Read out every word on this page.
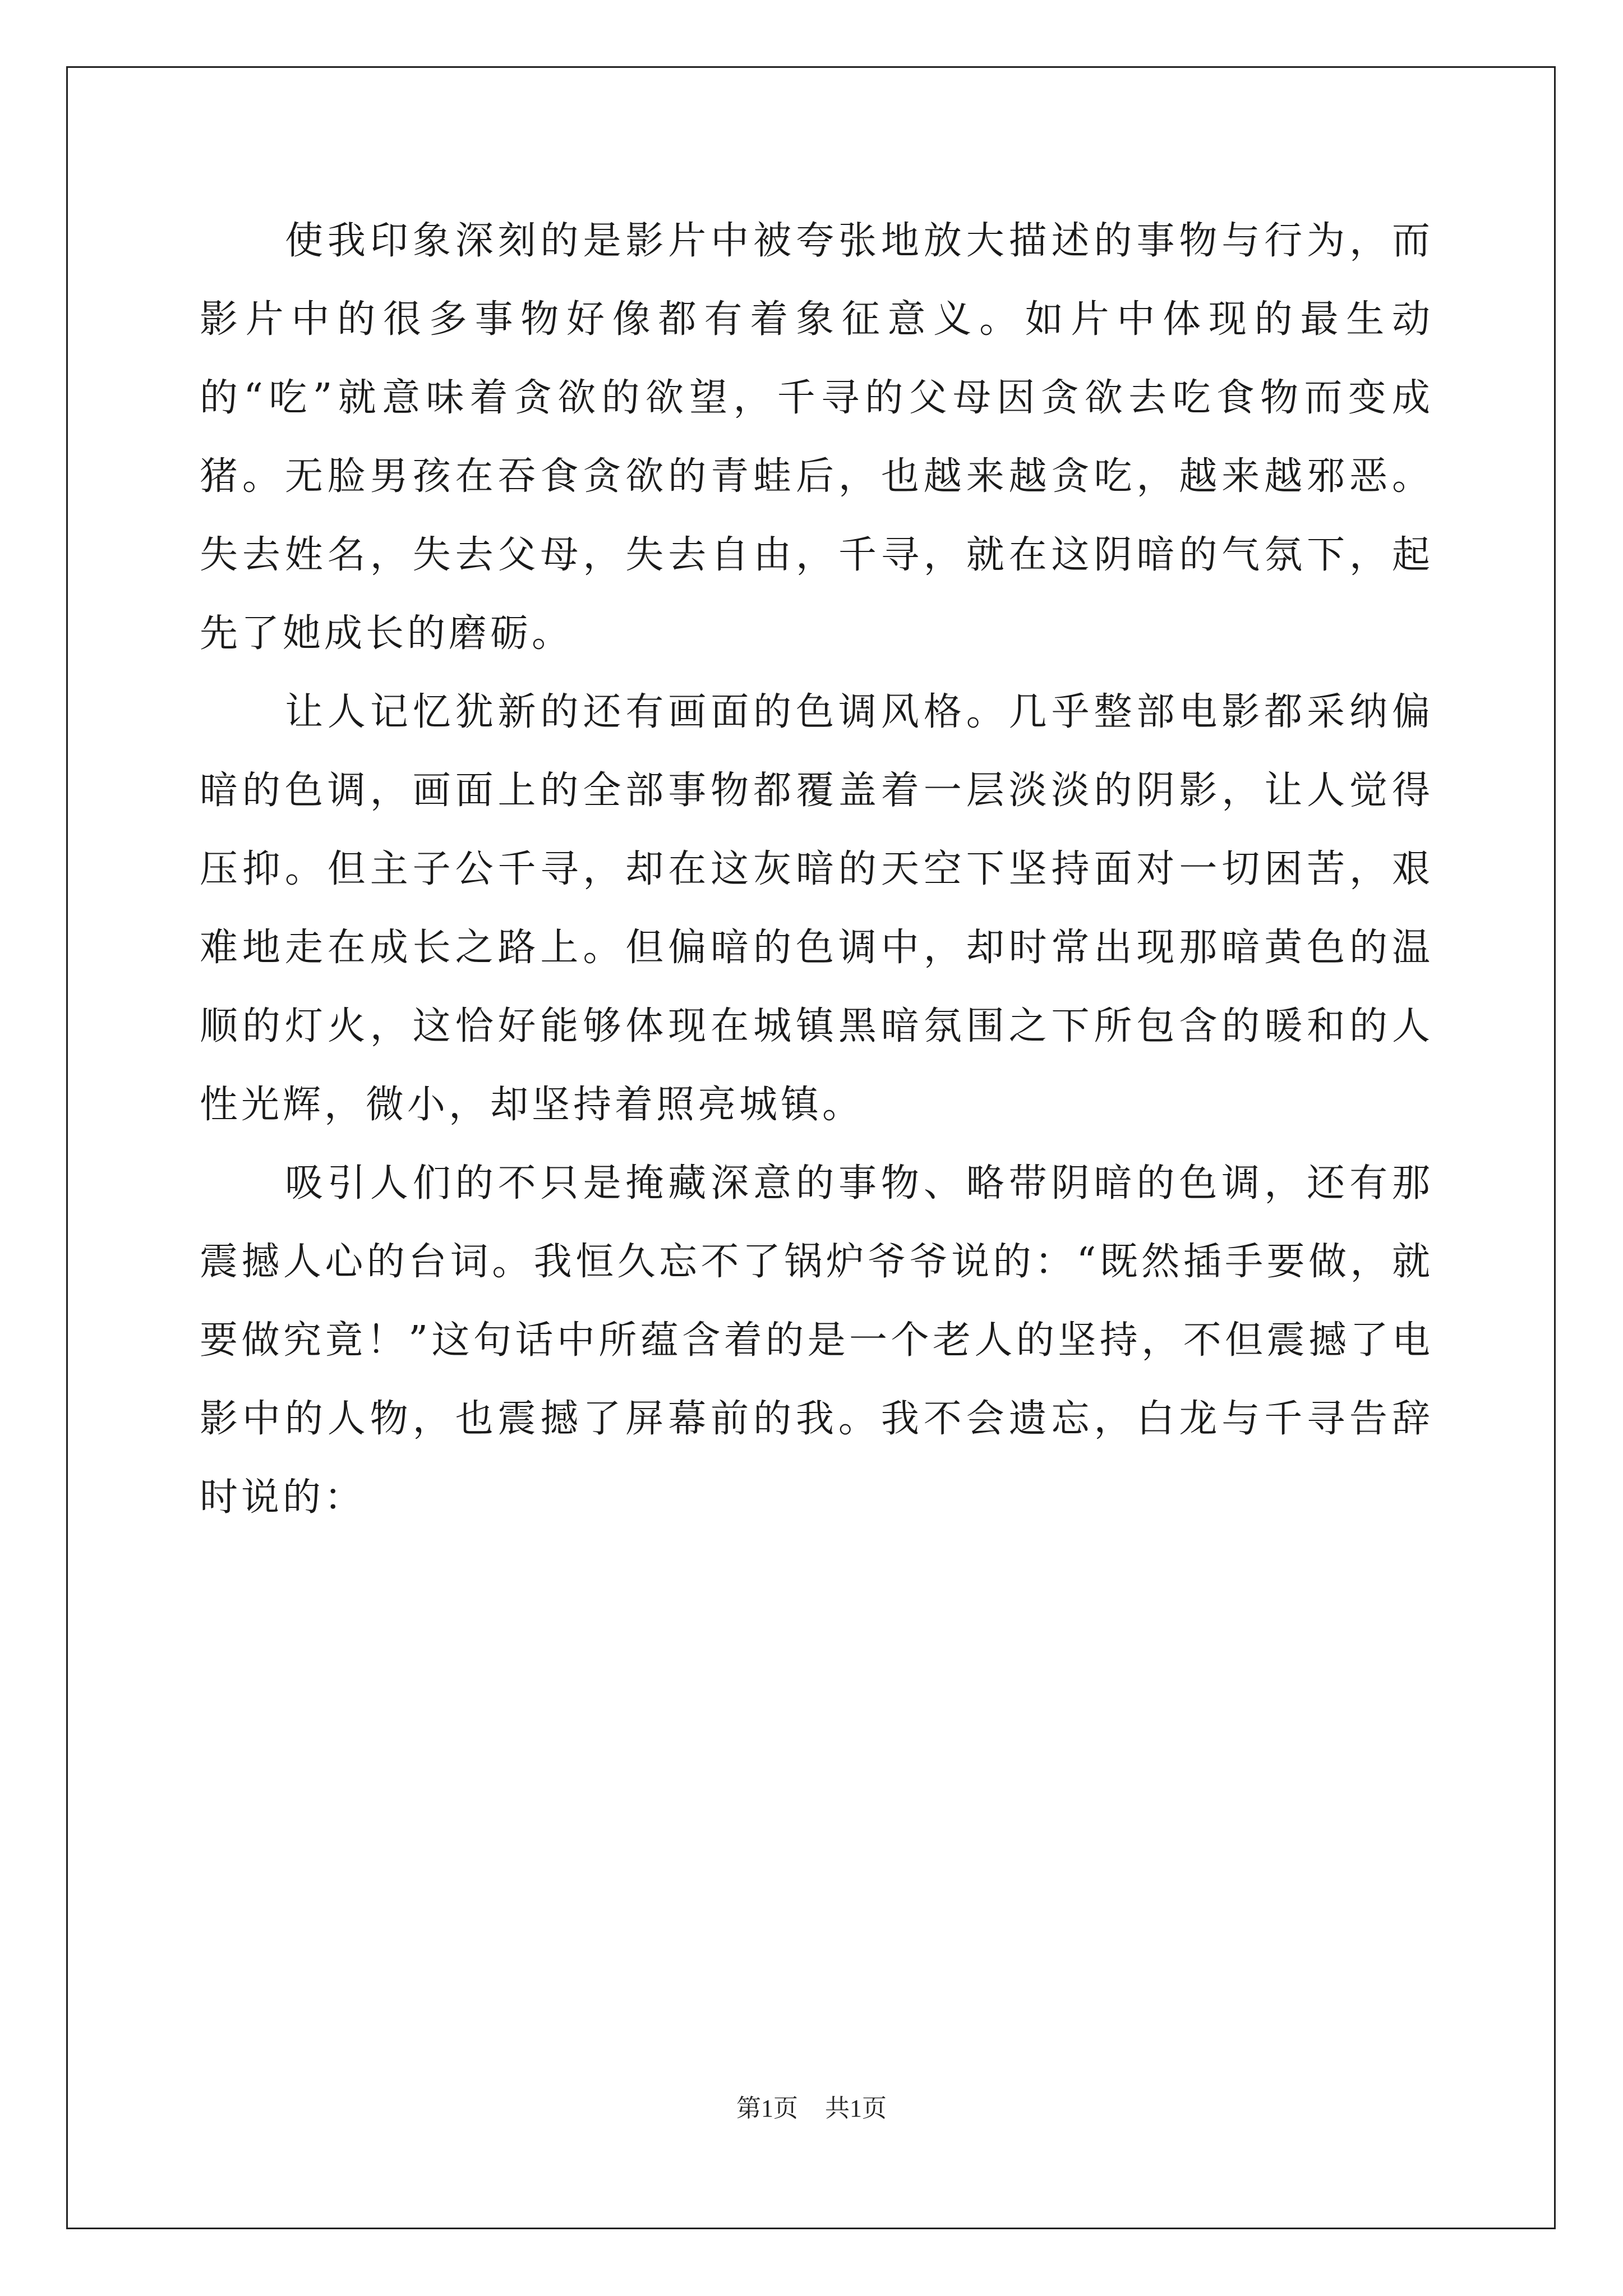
使我印象深刻的是影片中被夸张地放大描述的事物与行为，而影片中的很多事物好像都有着象征意义。如片中体现的最生动的“吃”就意味着贪欲的欲望，千寻的父母因贪欲去吃食物而变成猪。无脸男孩在吞食贪欲的青蛙后，也越来越贪吃，越来越邪恶。失去姓名，失去父母，失去自由，千寻，就在这阴暗的气氛下，起先了她成长的磨砺。

让人记忆犹新的还有画面的色调风格。几乎整部电影都采纳偏暗的色调，画面上的全部事物都覆盖着一层淡淡的阴影，让人觉得压抑。但主子公千寻，却在这灰暗的天空下坚持面对一切困苦，艰难地走在成长之路上。但偏暗的色调中，却时常出现那暗黄色的温顺的灯火，这恰好能够体现在城镇黑暗氛围之下所包含的暖和的人性光辉，微小，却坚持着照亮城镇。

吸引人们的不只是掩藏深意的事物、略带阴暗的色调，还有那震撼人心的台词。我恒久忘不了锅炉爷爷说的：“既然插手要做，就要做究竟！”这句话中所蕴含着的是一个老人的坚持，不但震撼了电影中的人物，也震撼了屏幕前的我。我不会遗忘，白龙与千寻告辞时说的：

第1页 共1页
